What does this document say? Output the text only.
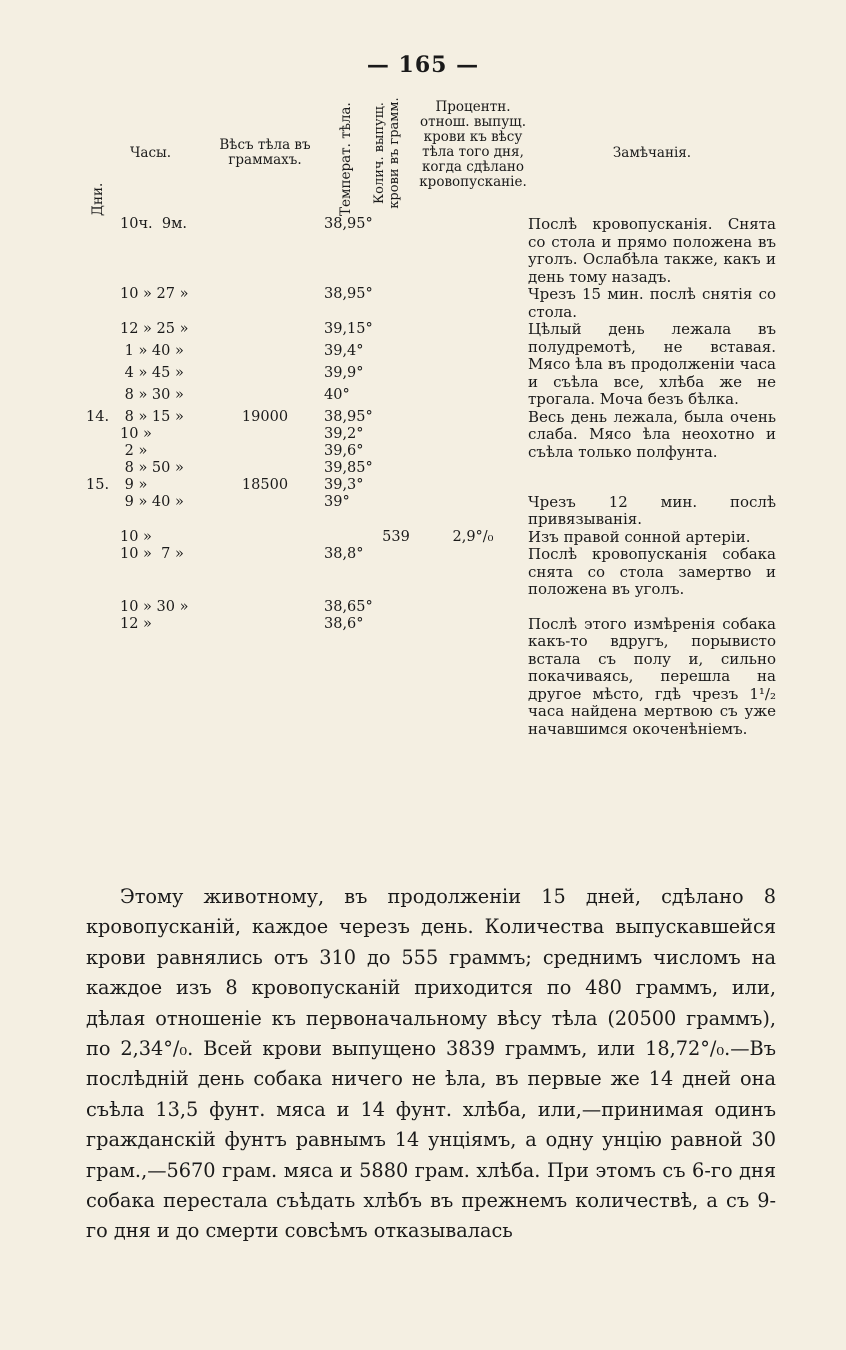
— 165 —
Дни.	Часы.	Вѣсъ тѣла въ граммахъ.	Температ. тѣла.	Колич. выпущ. крови въ грамм.	Процентн. отнош. выпущ. крови къ вѣсу тѣла того дня, когда сдѣлано кровопусканіе.	Замѣчанія.

	10ч.  9м.		38,95°			Послѣ кровопусканія. Снята со стола и прямо положена въ уголъ. Ослабѣла также, какъ и день тому назадъ.
	10 » 27 »		38,95°			Чрезъ 15 мин. послѣ снятія со стола.
	12 » 25 »		39,15°			Цѣлый день лежала въ полудремотѣ, не вставая. Мясо ѣла въ продолженіи часа и съѣла все, хлѣба же не трогала. Моча безъ бѣлка.
	1 » 40 »		39,4°			
	4 » 45 »		39,9°			
	8 » 30 »		40°			
14.	8 » 15 »	19000	38,95°			Весь день лежала, была очень слаба. Мясо ѣла неохотно и съѣла только полфунта.
	10 »		39,2°			
	2 »		39,6°			
	8 » 50 »		39,85°			
15.	9 »	18500	39,3°			
	9 » 40 »		39°			Чрезъ 12 мин. послѣ привязыванія.
	10 »			539	2,9°/₀	Изъ правой сонной артеріи.
	10 »  7 »		38,8°			Послѣ кровопусканія собака снята со стола замертво и положена въ уголъ.
	10 » 30 »		38,65°			
	12 »		38,6°			Послѣ этого измѣренія собака какъ-то вдругъ, порывисто встала съ полу и, сильно покачиваясь, перешла на другое мѣсто, гдѣ чрезъ 1¹/₂ часа найдена мертвою съ уже начавшимся окоченѣніемъ.
Этому животному, въ продолженіи 15 дней, сдѣлано 8 кровопусканій, каждое черезъ день. Количества выпускавшейся крови равнялись отъ 310 до 555 граммъ; среднимъ числомъ на каждое изъ 8 кровопусканій приходится по 480 граммъ, или, дѣлая отношеніе къ первоначальному вѣсу тѣла (20500 граммъ), по 2,34°/₀. Всей крови выпущено 3839 граммъ, или 18,72°/₀.—Въ послѣдній день собака ничего не ѣла, въ первые же 14 дней она съѣла 13,5 фунт. мяса и 14 фунт. хлѣба, или,—принимая одинъ гражданскій фунтъ равнымъ 14 унціямъ, а одну унцію равной 30 грам.,—5670 грам. мяса и 5880 грам. хлѣба. При этомъ съ 6-го дня собака перестала съѣдать хлѣбъ въ прежнемъ количествѣ, а съ 9-го дня и до смерти совсѣмъ отказывалась
